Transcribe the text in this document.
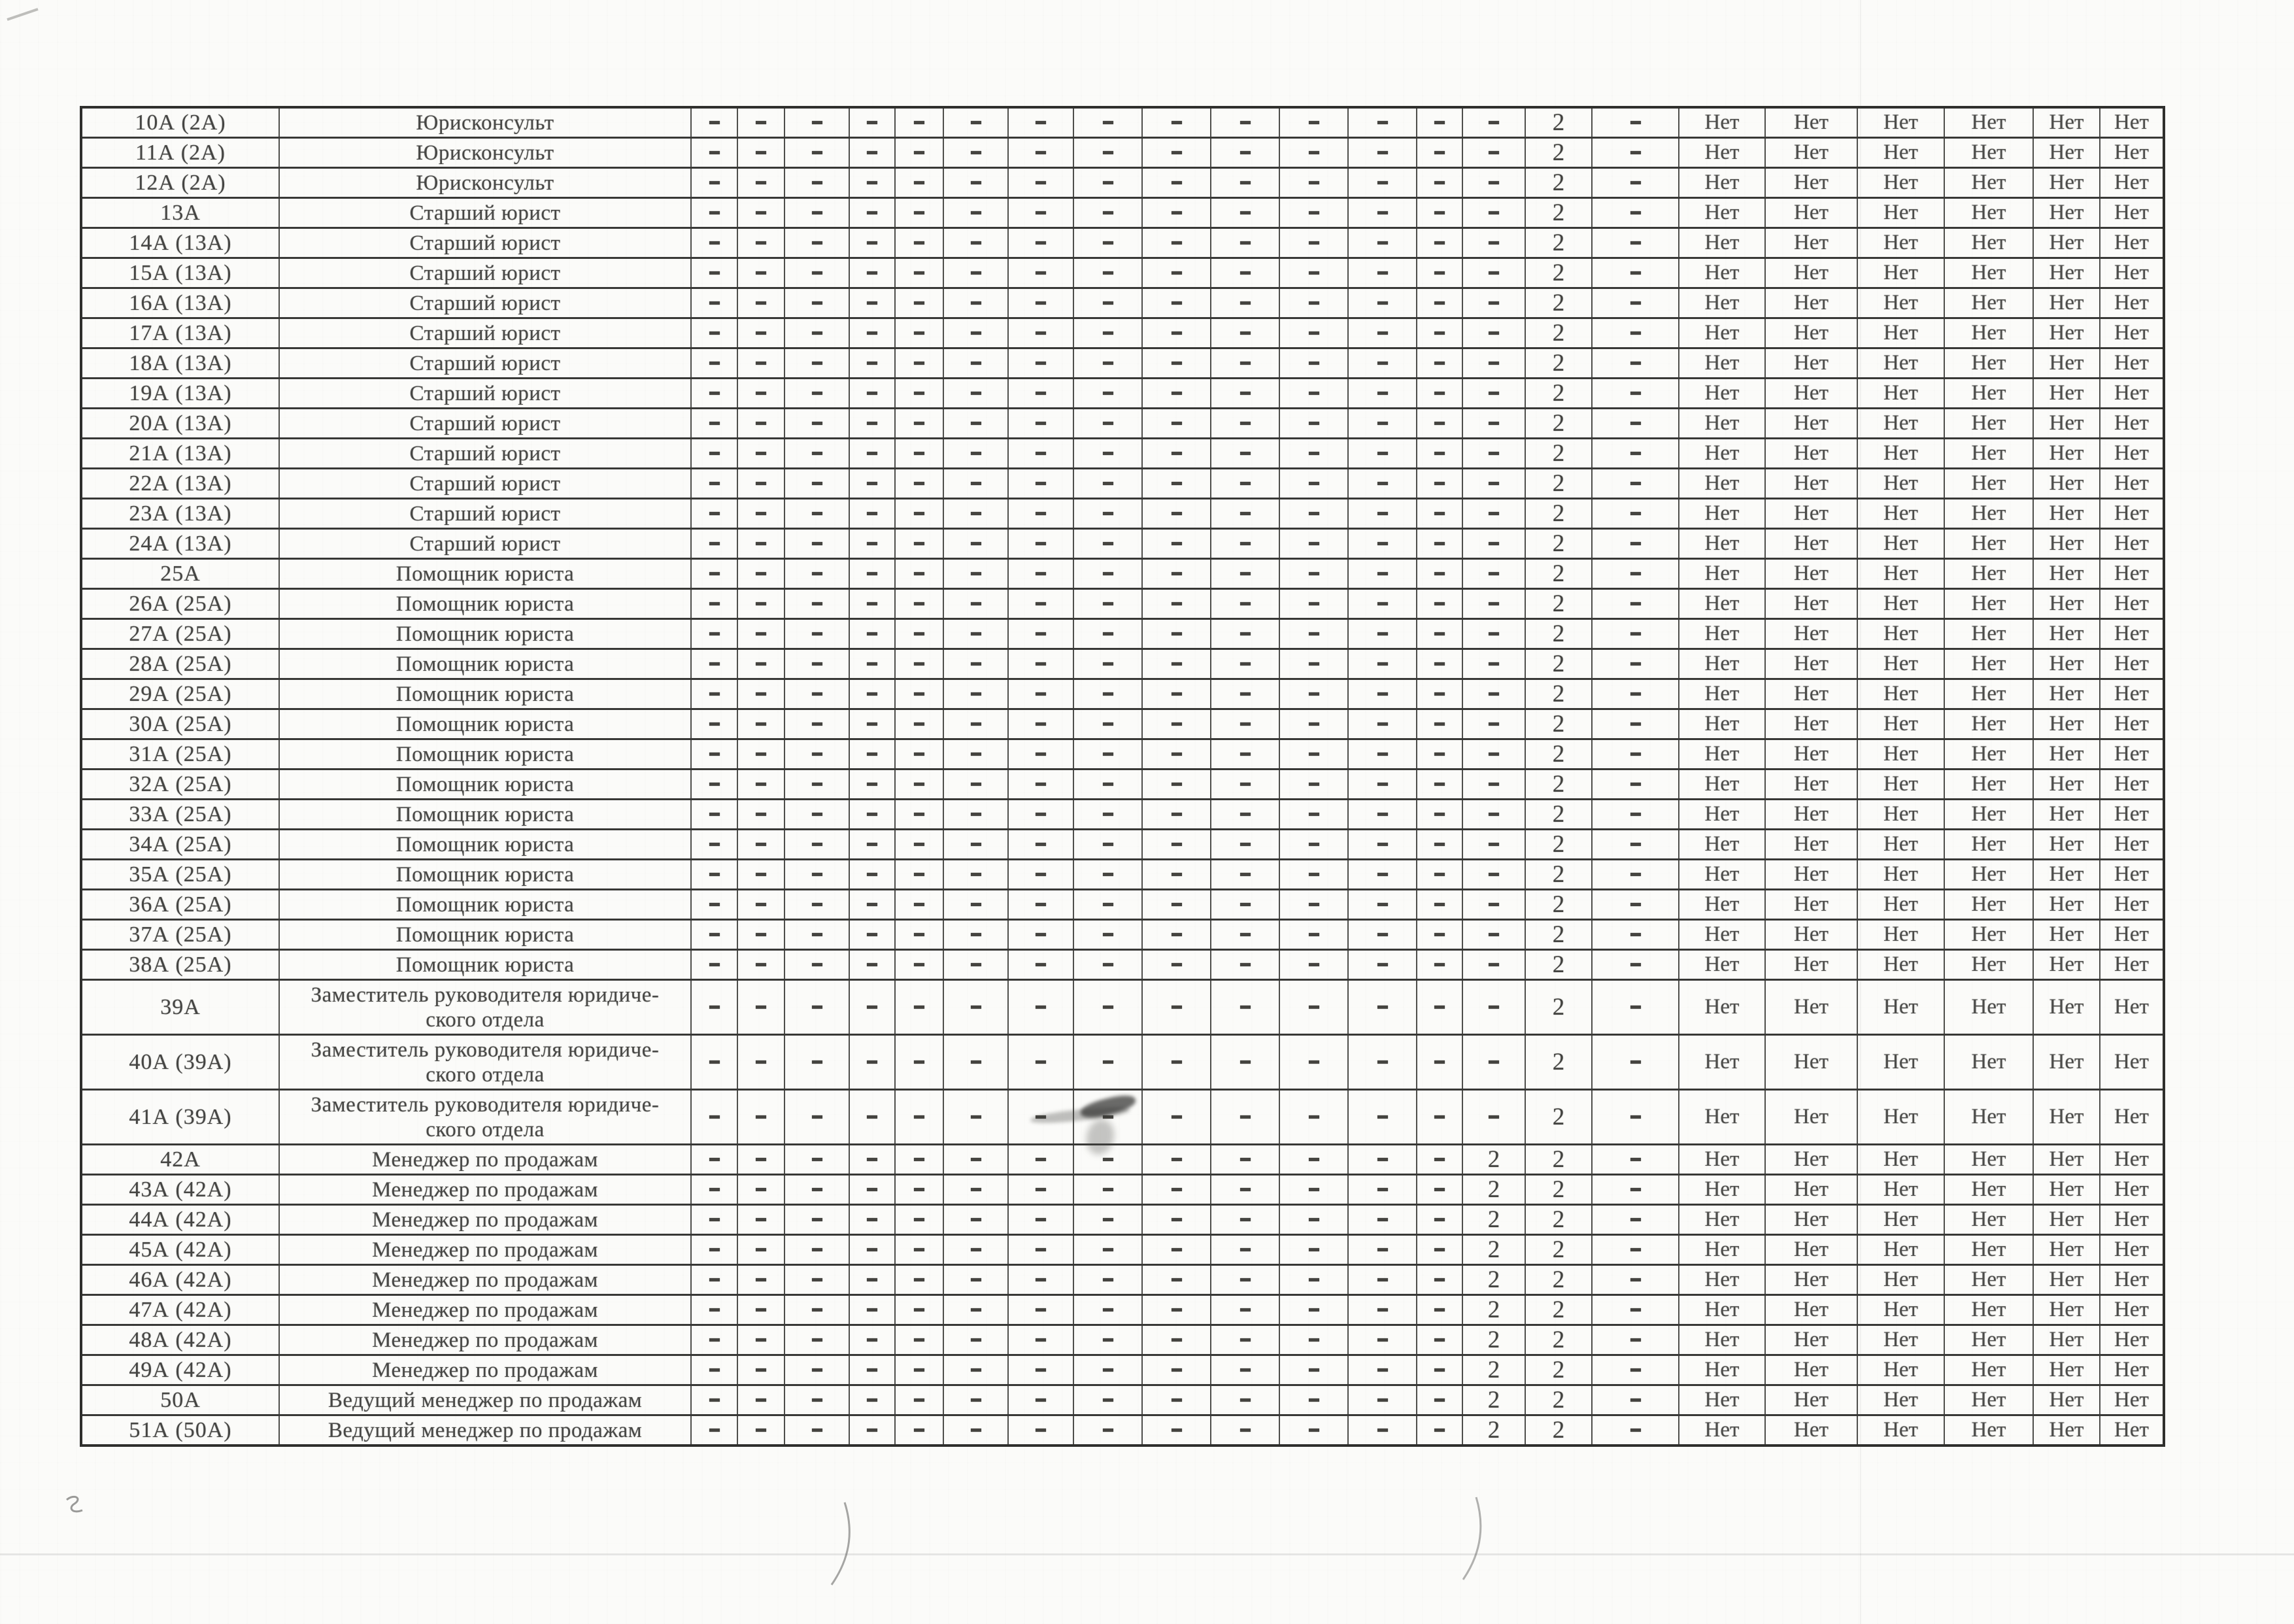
10А (2А)	Юрисконсульт															2		Нет	Нет	Нет	Нет	Нет	Нет
11А (2А)	Юрисконсульт															2		Нет	Нет	Нет	Нет	Нет	Нет
12А (2А)	Юрисконсульт															2		Нет	Нет	Нет	Нет	Нет	Нет
13А	Старший юрист															2		Нет	Нет	Нет	Нет	Нет	Нет
14А (13А)	Старший юрист															2		Нет	Нет	Нет	Нет	Нет	Нет
15А (13А)	Старший юрист															2		Нет	Нет	Нет	Нет	Нет	Нет
16А (13А)	Старший юрист															2		Нет	Нет	Нет	Нет	Нет	Нет
17А (13А)	Старший юрист															2		Нет	Нет	Нет	Нет	Нет	Нет
18А (13А)	Старший юрист															2		Нет	Нет	Нет	Нет	Нет	Нет
19А (13А)	Старший юрист															2		Нет	Нет	Нет	Нет	Нет	Нет
20А (13А)	Старший юрист															2		Нет	Нет	Нет	Нет	Нет	Нет
21А (13А)	Старший юрист															2		Нет	Нет	Нет	Нет	Нет	Нет
22А (13А)	Старший юрист															2		Нет	Нет	Нет	Нет	Нет	Нет
23А (13А)	Старший юрист															2		Нет	Нет	Нет	Нет	Нет	Нет
24А (13А)	Старший юрист															2		Нет	Нет	Нет	Нет	Нет	Нет
25А	Помощник юриста															2		Нет	Нет	Нет	Нет	Нет	Нет
26А (25А)	Помощник юриста															2		Нет	Нет	Нет	Нет	Нет	Нет
27А (25А)	Помощник юриста															2		Нет	Нет	Нет	Нет	Нет	Нет
28А (25А)	Помощник юриста															2		Нет	Нет	Нет	Нет	Нет	Нет
29А (25А)	Помощник юриста															2		Нет	Нет	Нет	Нет	Нет	Нет
30А (25А)	Помощник юриста															2		Нет	Нет	Нет	Нет	Нет	Нет
31А (25А)	Помощник юриста															2		Нет	Нет	Нет	Нет	Нет	Нет
32А (25А)	Помощник юриста															2		Нет	Нет	Нет	Нет	Нет	Нет
33А (25А)	Помощник юриста															2		Нет	Нет	Нет	Нет	Нет	Нет
34А (25А)	Помощник юриста															2		Нет	Нет	Нет	Нет	Нет	Нет
35А (25А)	Помощник юриста															2		Нет	Нет	Нет	Нет	Нет	Нет
36А (25А)	Помощник юриста															2		Нет	Нет	Нет	Нет	Нет	Нет
37А (25А)	Помощник юриста															2		Нет	Нет	Нет	Нет	Нет	Нет
38А (25А)	Помощник юриста															2		Нет	Нет	Нет	Нет	Нет	Нет
39А	Заместитель руководителя юридиче-
ского отдела															2		Нет	Нет	Нет	Нет	Нет	Нет
40А (39А)	Заместитель руководителя юридиче-
ского отдела															2		Нет	Нет	Нет	Нет	Нет	Нет
41А (39А)	Заместитель руководителя юридиче-
ского отдела															2		Нет	Нет	Нет	Нет	Нет	Нет
42А	Менеджер по продажам														2	2		Нет	Нет	Нет	Нет	Нет	Нет
43А (42А)	Менеджер по продажам														2	2		Нет	Нет	Нет	Нет	Нет	Нет
44А (42А)	Менеджер по продажам														2	2		Нет	Нет	Нет	Нет	Нет	Нет
45А (42А)	Менеджер по продажам														2	2		Нет	Нет	Нет	Нет	Нет	Нет
46А (42А)	Менеджер по продажам														2	2		Нет	Нет	Нет	Нет	Нет	Нет
47А (42А)	Менеджер по продажам														2	2		Нет	Нет	Нет	Нет	Нет	Нет
48А (42А)	Менеджер по продажам														2	2		Нет	Нет	Нет	Нет	Нет	Нет
49А (42А)	Менеджер по продажам														2	2		Нет	Нет	Нет	Нет	Нет	Нет
50А	Ведущий менеджер по продажам														2	2		Нет	Нет	Нет	Нет	Нет	Нет
51А (50А)	Ведущий менеджер по продажам														2	2		Нет	Нет	Нет	Нет	Нет	Нет
